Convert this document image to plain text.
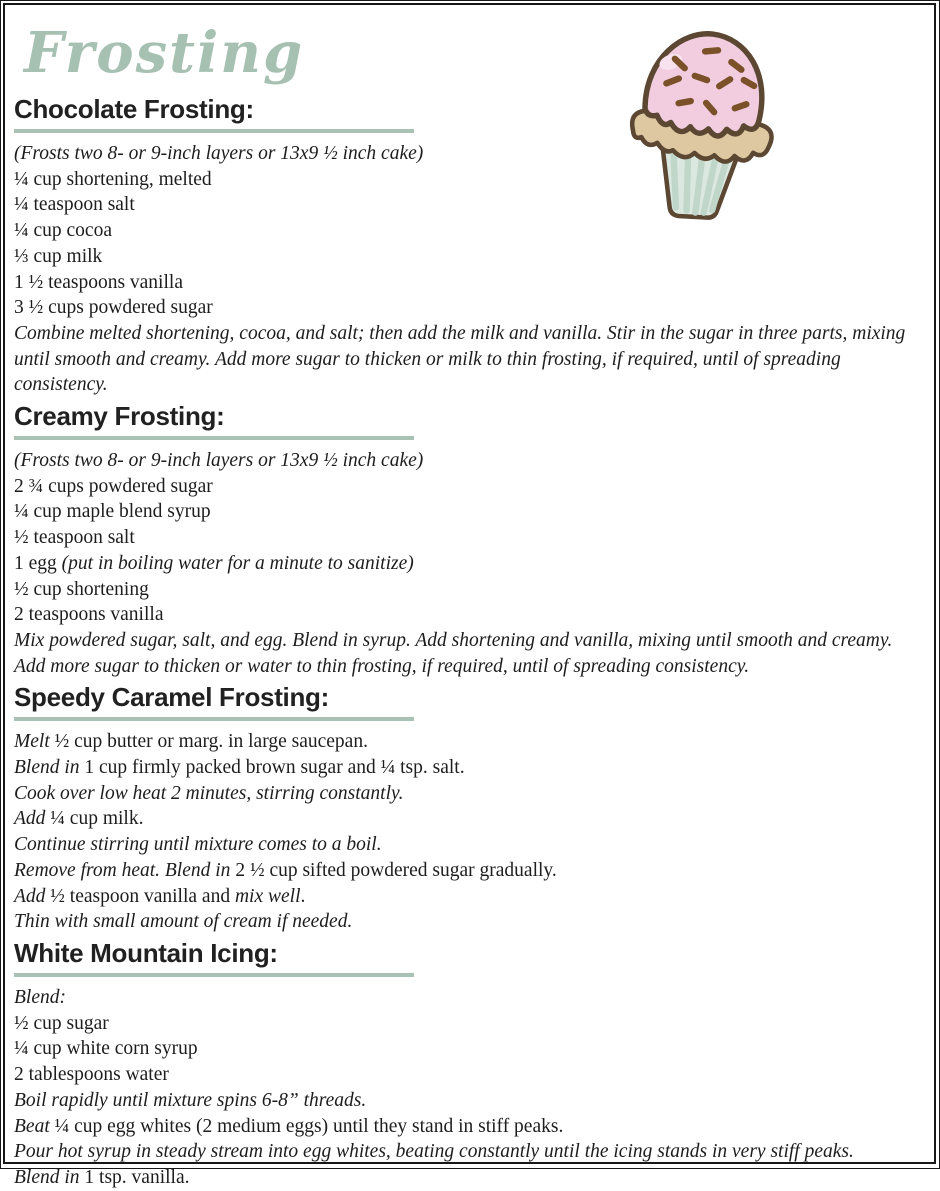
Frosting
Chocolate Frosting:

(Frosts two 8- or 9-inch layers or 13x9 ½ inch cake)

¼ cup shortening, melted

¼ teaspoon salt

¼ cup cocoa

⅓ cup milk

1 ½ teaspoons vanilla

3 ½ cups powdered sugar

Combine melted shortening, cocoa, and salt; then add the milk and vanilla. Stir in the sugar in three parts, mixing until smooth and creamy. Add more sugar to thicken or milk to thin frosting, if required, until of spreading consistency.

Creamy Frosting:

(Frosts two 8- or 9-inch layers or 13x9 ½ inch cake)

2 ¾ cups powdered sugar

¼ cup maple blend syrup

½ teaspoon salt

1 egg (put in boiling water for a minute to sanitize)

½ cup shortening

2 teaspoons vanilla

Mix powdered sugar, salt, and egg. Blend in syrup. Add shortening and vanilla, mixing until smooth and creamy. Add more sugar to thicken or water to thin frosting, if required, until of spreading consistency.

Speedy Caramel Frosting:

Melt ½ cup butter or marg. in large saucepan.

Blend in 1 cup firmly packed brown sugar and ¼ tsp. salt.

Cook over low heat 2 minutes, stirring constantly.

Add ¼ cup milk.

Continue stirring until mixture comes to a boil.

Remove from heat. Blend in 2 ½ cup sifted powdered sugar gradually.

Add ½ teaspoon vanilla and mix well.

Thin with small amount of cream if needed.

White Mountain Icing:

Blend:

½ cup sugar

¼ cup white corn syrup

2 tablespoons water

Boil rapidly until mixture spins 6-8” threads.

Beat ¼ cup egg whites (2 medium eggs) until they stand in stiff peaks.

Pour hot syrup in steady stream into egg whites, beating constantly until the icing stands in very stiff peaks.

Blend in 1 tsp. vanilla.
